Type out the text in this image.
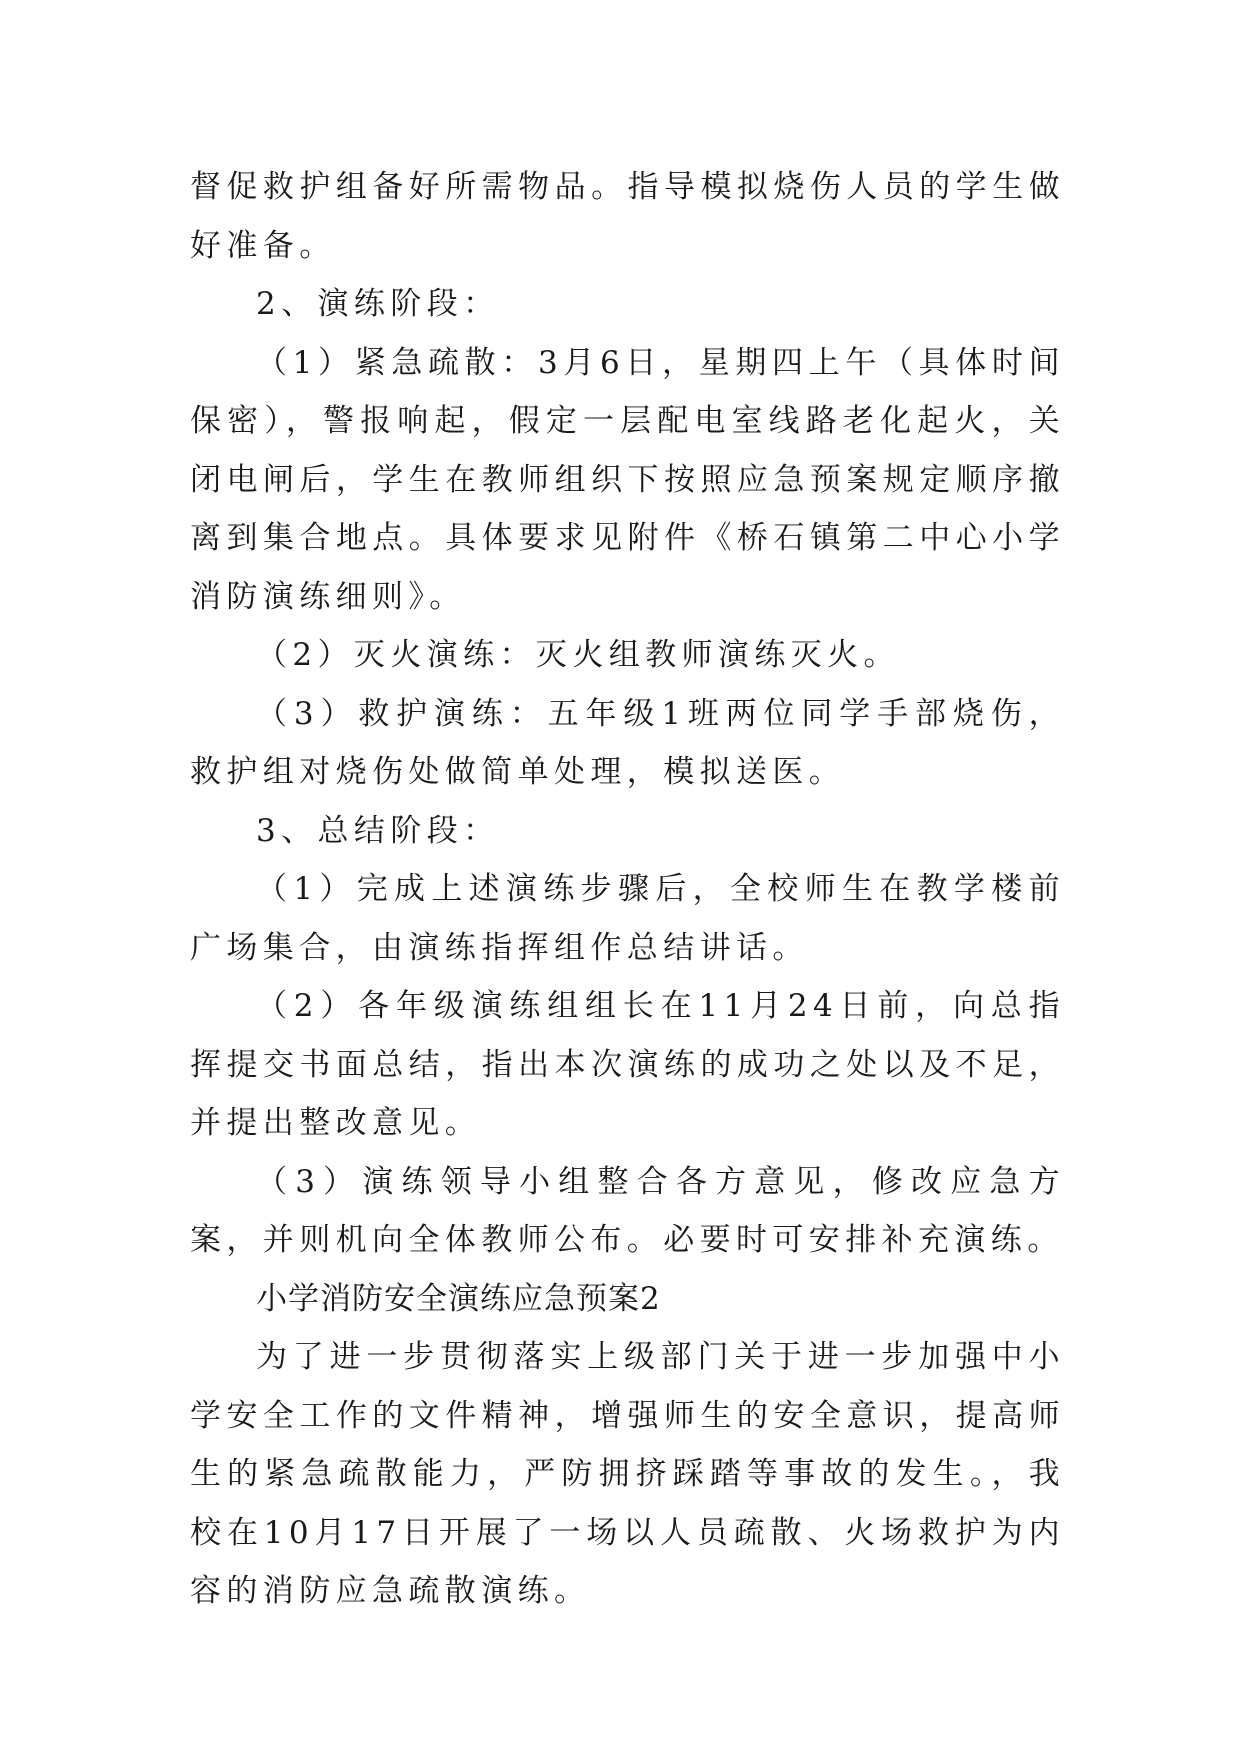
督促救护组备好所需物品。指导模拟烧伤人员的学生做好准备。

2、演练阶段：

（1）紧急疏散：3月6日，星期四上午（具体时间保密），警报响起，假定一层配电室线路老化起火，关闭电闸后，学生在教师组织下按照应急预案规定顺序撤离到集合地点。具体要求见附件《桥石镇第二中心小学消防演练细则》。

（2）灭火演练：灭火组教师演练灭火。

（3）救护演练：五年级1班两位同学手部烧伤，救护组对烧伤处做简单处理，模拟送医。

3、总结阶段：

（1）完成上述演练步骤后，全校师生在教学楼前广场集合，由演练指挥组作总结讲话。

（2）各年级演练组组长在11月24日前，向总指挥提交书面总结，指出本次演练的成功之处以及不足，并提出整改意见。

（3）演练领导小组整合各方意见，修改应急方案，并则机向全体教师公布。必要时可安排补充演练。

小学消防安全演练应急预案2

为了进一步贯彻落实上级部门关于进一步加强中小学安全工作的文件精神，增强师生的安全意识，提高师生的紧急疏散能力，严防拥挤踩踏等事故的发生。，我校在10月17日开展了一场以人员疏散、火场救护为内容的消防应急疏散演练。
